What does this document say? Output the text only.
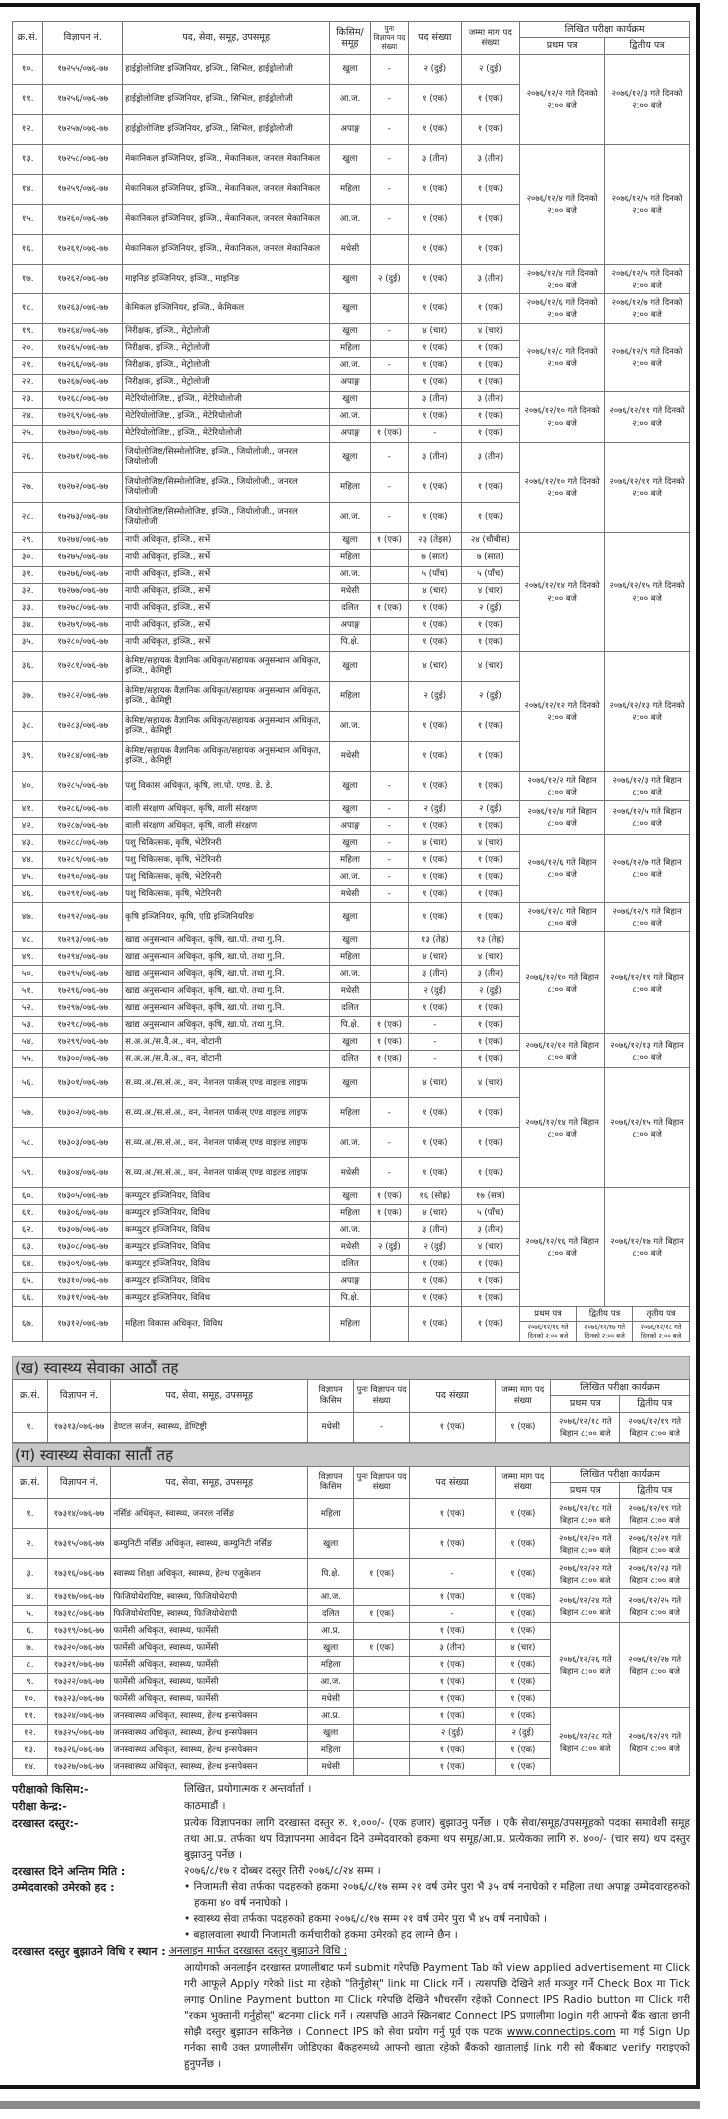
क्र.सं.	विज्ञापन नं.	पद, सेवा, समूह, उपसमूह	किसिम/ समूह	पुनः विज्ञापन पद संख्या	पद संख्या	जम्मा माग पद संख्या	लिखित परीक्षा कार्यक्रम
प्रथम पत्र	द्वितीय पत्र
१०.	१७२५५/०७६-७७	हाईड्रोलोजिष्ट इञ्जिनियर, इञ्जि., सिभिल, हाईड्रोलोजी	खुला	-	२ (दुई)	२ (दुई)	२०७६/१२/२ गते दिनको २:०० बजे	२०७६/१२/३ गते दिनको २:०० बजे
११.	१७२५६/०७६-७७	हाईड्रोलोजिष्ट इञ्जिनियर, इञ्जि., सिभिल, हाईड्रोलोजी	आ.ज.	-	१ (एक)	१ (एक)
१२.	१७२५७/०७६-७७	हाईड्रोलोजिष्ट इञ्जिनियर, इञ्जि., सिभिल, हाईड्रोलोजी	अपाङ्ग	-	१ (एक)	१ (एक)
१३.	१७२५८/०७६-७७	मेकानिकल इञ्जिनियर, इञ्जि., मेकानिकल, जनरल मेकानिकल	खुला	-	३ (तीन)	३ (तीन)	२०७६/१२/४ गते दिनको २:०० बजे	२०७६/१२/५ गते दिनको २:०० बजे
१४.	१७२५९/०७६-७७	मेकानिकल इञ्जिनियर, इञ्जि., मेकानिकल, जनरल मेकानिकल	महिला	-	१ (एक)	१ (एक)
१५.	१७२६०/०७६-७७	मेकानिकल इञ्जिनियर, इञ्जि., मेकानिकल, जनरल मेकानिकल	आ.ज.	-	१ (एक)	१ (एक)
१६.	१७२६१/०७६-७७	मेकानिकल इञ्जिनियर, इञ्जि., मेकानिकल, जनरल मेकानिकल	मधेसी		१ (एक)	१ (एक)
१७.	१७२६२/०७६-७७	माइनिङ इञ्जिनियर, इञ्जि., माइनिङ	खुला	२ (दुई)	१ (एक)	३ (तीन)	२०७६/१२/४ गते दिनको २:०० बजे	२०७६/१२/५ गते दिनको २:०० बजे
१८.	१७२६३/०७६-७७	केमिकल इञ्जिनियर, इञ्जि., केमिकल	खुला		१ (एक)	१ (एक)	२०७६/१२/६ गते दिनको २:०० बजे	२०७६/१२/७ गते दिनको २:०० बजे
१९.	१७२६४/०७६-७७	निरीक्षक, इञ्जि., मेट्रोलोजी	खुला	-	४ (चार)	४ (चार)	२०७६/१२/८ गते दिनको २:०० बजे	२०७६/१२/९ गते दिनको २:०० बजे
२०.	१७२६५/०७६-७७	निरीक्षक, इञ्जि., मेट्रोलोजी	महिला		१ (एक)	१ (एक)
२१.	१७२६६/०७६-७७	निरीक्षक, इञ्जि., मेट्रोलोजी	आ.ज.	-	१ (एक)	१ (एक)
२२.	१७२६७/०७६-७७	निरीक्षक, इञ्जि., मेट्रोलोजी	अपाङ्ग		१ (एक)	१ (एक)
२३.	१७२६८/०७६-७७	मेटेरियोलोजिष्ट., इञ्जि., मेटेरियोलोजी	खुला		३ (तीन)	३ (तीन)	२०७६/१२/१० गते दिनको २:०० बजे	२०७६/१२/११ गते दिनको २:०० बजे
२४.	१७२६९/०७६-७७	मेटेरियोलोजिष्ट., इञ्जि., मेटेरियोलोजी	आ.ज.		१ (एक)	१ (एक)
२५.	१७२७०/०७६-७७	मेटेरियोलोजिष्ट., इञ्जि., मेटेरियोलोजी	अपाङ्ग	१ (एक)	-	१ (एक)
२६.	१७२७१/०७६-७७	जियोलोजिष्ट/सिस्मोलोजिष्ट, इञ्जि., जियोलोजी., जनरल जियोलोजी	खुला	-	३ (तीन)	३ (तीन)	२०७६/१२/१० गते दिनको २:०० बजे	२०७६/१२/११ गते दिनको २:०० बजे
२७.	१७२७२/०७६-७७	जियोलोजिष्ट/सिस्मोलोजिष्ट, इञ्जि., जियोलोजी., जनरल जियोलोजी	महिला	-	१ (एक)	१ (एक)
२८.	१७२७३/०७६-७७	जियोलोजिष्ट/सिस्मोलोजिष्ट, इञ्जि., जियोलोजी., जनरल जियोलोजी	आ.ज.	-	१ (एक)	१ (एक)
२९.	१७२७४/०७६-७७	नापी अधिकृत, इञ्जि., सर्भे	खुला	१ (एक)	२३ (तेइस)	२४ (चौबीस)	२०७६/१२/१४ गते दिनको २:०० बजे	२०७६/१२/१५ गते दिनको २:०० बजे
३०.	१७२७५/०७६-७७	नापी अधिकृत, इञ्जि., सर्भे	महिला		७ (सात)	७ (सात)
३१.	१७२७६/०७६-७७	नापी अधिकृत, इञ्जि., सर्भे	आ.ज.		५ (पाँच)	५ (पाँच)
३२.	१७२७७/०७६-७७	नापी अधिकृत, इञ्जि., सर्भे	मधेसी		४ (चार)	४ (चार)
३३.	१७२७८/०७६-७७	नापी अधिकृत, इञ्जि., सर्भे	दलित	१ (एक)	१ (एक)	२ (दुई)
३४.	१७२७९/०७६-७७	नापी अधिकृत, इञ्जि., सर्भे	अपाङ्ग		१ (एक)	१ (एक)
३५.	१७२८०/०७६-७७	नापी अधिकृत, इञ्जि., सर्भे	पि.क्षे.		१ (एक)	१ (एक)
३६.	१७२८१/०७६-७७	केमिष्ट/सहायक वैज्ञानिक अधिकृत/सहायक अनुसन्धान अधिकृत, इञ्जि., केमिष्ट्री	खुला		४ (चार)	४ (चार)	२०७६/१२/१२ गते दिनको २:०० बजे	२०७६/१२/१३ गते दिनको २:०० बजे
३७.	१७२८२/०७६-७७	केमिष्ट/सहायक वैज्ञानिक अधिकृत/सहायक अनुसन्धान अधिकृत, इञ्जि., केमिष्ट्री	महिला		२ (दुई)	२ (दुई)
३८.	१७२८३/०७६-७७	केमिष्ट/सहायक वैज्ञानिक अधिकृत/सहायक अनुसन्धान अधिकृत, इञ्जि., केमिष्ट्री	आ.ज.		१ (एक)	१ (एक)
३९.	१७२८४/०७६-७७	केमिष्ट/सहायक वैज्ञानिक अधिकृत/सहायक अनुसन्धान अधिकृत, इञ्जि., केमिष्ट्री	मधेसी		१ (एक)	१ (एक)
४०.	१७२८५/०७६-७७	पशु विकास अधिकृत, कृषि, ला.पो. एण्ड. डे. डे.	खुला	-	१ (एक)	१ (एक)	२०७६/१२/२ गते बिहान ८:०० बजे	२०७६/१२/३ गते बिहान ८:०० बजे
४१.	१७२८६/०७६-७७	वाली संरक्षण अधिकृत, कृषि, वाली संरक्षण	खुला	-	२ (दुई)	२ (दुई)	२०७६/१२/४ गते बिहान ८:०० बजे	२०७६/१२/५ गते बिहान ८:०० बजे
४२.	१७२८७/०७६-७७	वाली संरक्षण अधिकृत, कृषि, वाली संरक्षण	अपाङ्ग	-	१ (एक)	१ (एक)
४३.	१७२८८/०७६-७७	पशु चिकित्सक, कृषि, भेटेरिनरी	खुला	-	४ (चार)	४ (चार)	२०७६/१२/६ गते बिहान ८:०० बजे	२०७६/१२/७ गते बिहान ८:०० बजे
४४.	१७२८९/०७६-७७	पशु चिकित्सक, कृषि, भेटेरिनरी	महिला	-	१ (एक)	१ (एक)
४५.	१७२९०/०७६-७७	पशु चिकित्सक, कृषि, भेटेरिनरी	आ.ज.	-	१ (एक)	१ (एक)
४६.	१७२९१/०७६-७७	पशु चिकित्सक, कृषि, भेटेरिनरी	मधेसी	-	१ (एक)	१ (एक)
४७.	१७२९२/०७६-७७	कृषि इञ्जिनियर, कृषि, एग्रि इञ्जिनियरिङ	खुला		१ (एक)	१ (एक)	२०७६/१२/८ गते बिहान ८:०० बजे	२०७६/१२/९ गते बिहान ८:०० बजे
४८.	१७२९३/०७६-७७	खाद्य अनुसन्धान अधिकृत, कृषि, खा.पो. तथा गु.नि.	खुला		१३ (तेह्र)	१३ (तेह्र)	२०७६/१२/१० गते बिहान ८:०० बजे	२०७६/१२/११ गते बिहान ८:०० बजे
४९.	१७२९४/०७६-७७	खाद्य अनुसन्धान अधिकृत, कृषि, खा.पो. तथा गु.नि.	महिला		४ (चार)	४ (चार)
५०.	१७२९५/०७६-७७	खाद्य अनुसन्धान अधिकृत, कृषि, खा.पो. तथा गु.नि.	आ.ज.		३ (तीन)	३ (तीन)
५१.	१७२९६/०७६-७७	खाद्य अनुसन्धान अधिकृत, कृषि, खा.पो. तथा गु.नि.	मधेसी		२ (दुई)	२ (दुई)
५२.	१७२९७/०७६-७७	खाद्य अनुसन्धान अधिकृत, कृषि, खा.पो. तथा गु.नि.	दलित		१ (एक)	१ (एक)
५३.	१७२९८/०७६-७७	खाद्य अनुसन्धान अधिकृत, कृषि, खा.पो. तथा गु.नि.	पि.क्षे.	१ (एक)	-	१ (एक)
५४.	१७२९९/०७६-७७	स.अ.अ./स.वै.अ., वन, वोटानी	खुला	१ (एक)	-	१ (एक)	२०७६/१२/१२ गते बिहान ८:०० बजे	२०७६/१२/१३ गते बिहान ८:०० बजे
५५.	१७३००/०७६-७७	स.अ.अ./स.वै.अ., वन, वोटानी	दलित	१ (एक)	-	१ (एक)
५६.	१७३०१/०७६-७७	स.व्य.अ./स.सं.अ., वन, नेशनल पार्कस् एण्ड वाइल्ड लाइफ	खुला		४ (चार)	४ (चार)	२०७६/१२/१४ गते बिहान ८:०० बजे	२०७६/१२/१५ गते बिहान ८:०० बजे
५७.	१७३०२/०७६-७७	स.व्य.अ./स.सं.अ., वन, नेशनल पार्कस् एण्ड वाइल्ड लाइफ	महिला	-	१ (एक)	१ (एक)
५८.	१७३०३/०७६-७७	स.व्य.अ./स.सं.अ., वन, नेशनल पार्कस् एण्ड वाइल्ड लाइफ	आ.ज.	-	१ (एक)	१ (एक)
५९.	१७३०४/०७६-७७	स.व्य.अ./स.सं.अ., वन, नेशनल पार्कस् एण्ड वाइल्ड लाइफ	मधेसी	-	१ (एक)	१ (एक)
६०.	१७३०५/०७६-७७	कम्प्युटर इञ्जिनियर, विविध	खुला	१ (एक)	१६ (सोह्र)	१७ (सत्र)	२०७६/१२/१६ गते बिहान ८:०० बजे	२०७६/१२/१७ गते बिहान ८:०० बजे
६१.	१७३०६/०७६-७७	कम्प्युटर इञ्जिनियर, विविध	महिला	१ (एक)	४ (चार)	५ (पाँच)
६२.	१७३०७/०७६-७७	कम्प्युटर इञ्जिनियर, विविध	आ.ज.		३ (तीन)	३ (तीन)
६३.	१७३०८/०७६-७७	कम्प्युटर इञ्जिनियर, विविध	मधेसी	२ (दुई)	२ (दुई)	४ (चार)
६४.	१७३०९/०७६-७७	कम्प्युटर इञ्जिनियर, विविध	दलित		१ (एक)	१ (एक)
६५.	१७३१०/०७६-७७	कम्प्युटर इञ्जिनियर, विविध	अपाङ्ग		१ (एक)	१ (एक)
६६.	१७३११/०७६-७७	कम्प्युटर इञ्जिनियर, विविध	पि.क्षे.		१ (एक)	१ (एक)
६७.	१७३१२/०७६-७७	महिला विकास अधिकृत, विविध	महिला		१ (एक)	१ (एक)	
प्रथम पत्र	द्वितीय पत्र	तृतीय पत्र
२०७६/१२/१६ गते दिनको २:०० बजे	२०७६/१२/१७ गते दिनको २:०० बजे	२०७६/१२/१८ गते दिनको २:०० बजे
(ख) स्वास्थ्य सेवाका आठौं तह
क्र.सं.	विज्ञापन नं.	पद, सेवा, समूह, उपसमूह	विज्ञापन किसिम	पुनः विज्ञापन पद संख्या	पद संख्या	जम्मा माग पद संख्या	लिखित परीक्षा कार्यक्रम	
							प्रथम पत्र	द्वितीय पत्र
१.	१७३१३/०७६-७७	डेण्टल सर्जन, स्वास्थ्य, डेण्टिष्ट्री	मधेसी	-	१ (एक)	१ (एक)	२०७६/१२/१८ गते बिहान ८:०० बजे	२०७६/१२/१९ गते बिहान ८:०० बजे
(ग) स्वास्थ्य सेवाका सातौं तह
क्र.सं.	विज्ञापन नं.	पद, सेवा, समूह, उपसमूह	विज्ञापन किसिम	पुनः विज्ञापन पद संख्या	पद संख्या	जम्मा माग पद संख्या	लिखित परीक्षा कार्यक्रम	
							प्रथम पत्र	द्वितीय पत्र
१.	१७३१४/०७६-७७	नर्सिङ अधिकृत, स्वास्थ्य, जनरल नर्सिङ	महिला		१ (एक)	१ (एक)	२०७६/१२/१८ गते बिहान ८:०० बजे	२०७६/१२/१९ गते बिहान ८:०० बजे
२.	१७३१५/०७६-७७	कम्युनिटी नर्सिङ अधिकृत, स्वास्थ्य, कम्युनिटी नर्सिङ	खुला		१ (एक)	१ (एक)	२०७६/१२/२० गते बिहान ८:०० बजे	२०७६/१२/२१ गते बिहान ८:०० बजे
३.	१७३१६/०७६-७७	स्वास्थ्य शिक्षा अधिकृत, स्वास्थ्य, हेल्थ एजुकेशन	पि.क्षे.	१ (एक)	-	१ (एक)	२०७६/१२/२२ गते बिहान ८:०० बजे	२०७६/१२/२३ गते बिहान ८:०० बजे
४.	१७३१७/०७६-७७	फिजियोथेरापिष्ट, स्वास्थ्य, फिजियोथेरापी	आ.ज.		१ (एक)	१ (एक)	२०७६/१२/२४ गते बिहान ८:०० बजे	२०७६/१२/२५ गते बिहान ८:०० बजे
५.	१७३१८/०७६-७७	फिजियोथेरापिष्ट, स्वास्थ्य, फिजियोथेरापी	दलित	१ (एक)	-	१ (एक)		
६.	१७३१९/०७६-७७	फार्मेसी अधिकृत, स्वास्थ्य, फार्मेसी	आ.प्र.		१ (एक)	१ (एक)	२०७६/१२/२६ गते बिहान ८:०० बजे	२०७६/१२/२७ गते बिहान ८:०० बजे
७.	१७३२०/०७६-७७	फार्मेसी अधिकृत, स्वास्थ्य, फार्मेसी	खुला	१ (एक)	३ (तीन)	४ (चार)		
८.	१७३२१/०७६-७७	फार्मेसी अधिकृत, स्वास्थ्य, फार्मेसी	महिला		१ (एक)	१ (एक)		
९.	१७३२२/०७६-७७	फार्मेसी अधिकृत, स्वास्थ्य, फार्मेसी	आ.ज.		१ (एक)	१ (एक)		
१०.	१७३२३/०७६-७७	फार्मेसी अधिकृत, स्वास्थ्य, फार्मेसी	मधेसी		१ (एक)	१ (एक)		
११.	१७३२४/०७६-७७	जनस्वास्थ्य अधिकृत, स्वास्थ्य, हेल्थ इन्सपेक्सन	आ.प्र.		१ (एक)	१ (एक)	२०७६/१२/२८ गते बिहान ८:०० बजे	२०७६/१२/२९ गते बिहान ८:०० बजे
१२.	१७३२५/०७६-७७	जनस्वास्थ्य अधिकृत, स्वास्थ्य, हेल्थ इन्सपेक्सन	खुला		२ (दुई)	२ (दुई)		
१३.	१७३२६/०७६-७७	जनस्वास्थ्य अधिकृत, स्वास्थ्य, हेल्थ इन्सपेक्सन	महिला		१ (एक)	१ (एक)		
१४.	१७३२७/०७६-७७	जनस्वास्थ्य अधिकृत, स्वास्थ्य, हेल्थ इन्सपेक्सन	मधेसी		१ (एक)	१ (एक)		
परीक्षाको किसिम:-	लिखित, प्रयोगात्मक र अन्तर्वार्ता ।
परीक्षा केन्द्र:-	काठमाडौं ।
दरखास्त दस्तुर:-	प्रत्येक विज्ञापनका लागि दरखास्त दस्तुर रु. १,०००/- (एक हजार) बुझाउनु पर्नेछ । एकै सेवा/समूह/उपसमूहको पदका समावेशी समूह तथा आ.प्र. तर्फका थप विज्ञापनमा आवेदन दिने उम्मेदवारको हकमा थप समूह/आ.प्र. प्रत्येकका लागि रु. ४००/- (चार सय) थप दस्तुर बुझाउनु पर्नेछ ।
दरखास्त दिने अन्तिम मिति :	२०७६/८/१७ र दोब्बर दस्तुर तिरी २०७६/८/२४ सम्म ।
उम्मेदवारको उमेरको हद :	• निजामती सेवा तर्फका पदहरुको हकमा २०७६/८/१७ सम्म २१ वर्ष उमेर पुरा भै ३५ वर्ष ननाघेको र महिला तथा अपाङ्ग उम्मेदवारहरुको हकमा ४० वर्ष ननाघेको ।
• स्वास्थ्य सेवा तर्फका पदहरुको हकमा २०७६/८/१७ सम्म २१ वर्ष उमेर पुरा भै ४५ वर्ष ननाघेको ।
• बहालवाला स्थायी निजामती कर्मचारीको हकमा उमेरको हद लाग्ने छैन ।
दरखास्त दस्तुर बुझाउने विधि र स्थान : अनलाइन मार्फत दरखास्त दस्तुर बुझाउने विधि :
आयोगको अनलाईन दरखास्त प्रणालीबाट फर्म submit गरेपछि Payment Tab को view applied advertisement मा Click गरी आफूले Apply गरेको list मा रहेको "तिर्नुहोस्" link मा Click गर्ने । त्यसपछि देखिने शर्त मञ्जुर गर्ने Check Box मा Tick लगाइ Online Payment button मा Click गरेपछि देखिने भौचरसँग रहेको Connect IPS Radio button मा Click गरी "रकम भुक्तानी गर्नुहोस्" बटनमा click गर्ने । त्यसपछि आउने स्क्रिनबाट Connect IPS प्रणालीमा login गरी आफ्नो बैंक खाता छानी सोझै दस्तुर बुझाउन सकिनेछ । Connect IPS को सेवा प्रयोग गर्नु पूर्व एक पटक www.connectips.com मा गई Sign Up गर्नका साथै उक्त प्रणालीसँग जोडिएका बैंकहरुमध्ये आफ्नो खाता रहेको बैंकको खातालाई link गरी सो बैंकबाट verify गराइएको हुनुपर्नेछ ।
